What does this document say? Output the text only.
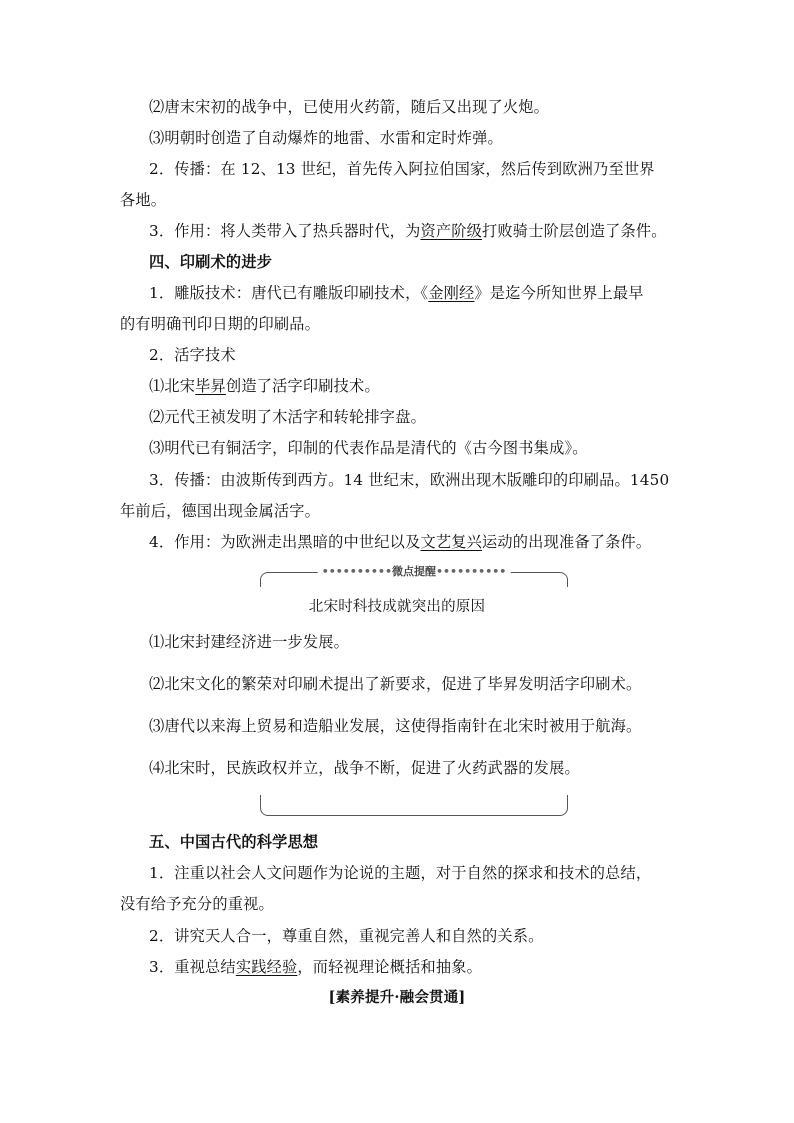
⑵唐末宋初的战争中，已使用火药箭，随后又出现了火炮。
⑶明朝时创造了自动爆炸的地雷、水雷和定时炸弹。
2．传播：在 12、13 世纪，首先传入阿拉伯国家，然后传到欧洲乃至世界
各地。
3．作用：将人类带入了热兵器时代，为资产阶级打败骑士阶层创造了条件。
四、印刷术的进步
1．雕版技术：唐代已有雕版印刷技术，《金刚经》是迄今所知世界上最早
的有明确刊印日期的印刷品。
2．活字技术
⑴北宋毕昇创造了活字印刷技术。
⑵元代王祯发明了木活字和转轮排字盘。
⑶明代已有铜活字，印制的代表作品是清代的《古今图书集成》。
3．传播：由波斯传到西方。14 世纪末，欧洲出现木版雕印的印刷品。1450
年前后，德国出现金属活字。
4．作用：为欧洲走出黑暗的中世纪以及文艺复兴运动的出现准备了条件。
••••••••••微点提醒••••••••••
北宋时科技成就突出的原因
⑴北宋封建经济进一步发展。
⑵北宋文化的繁荣对印刷术提出了新要求，促进了毕昇发明活字印刷术。
⑶唐代以来海上贸易和造船业发展，这使得指南针在北宋时被用于航海。
⑷北宋时，民族政权并立，战争不断，促进了火药武器的发展。
五、中国古代的科学思想
1．注重以社会人文问题作为论说的主题，对于自然的探求和技术的总结，
没有给予充分的重视。
2．讲究天人合一，尊重自然，重视完善人和自然的关系。
3．重视总结实践经验，而轻视理论概括和抽象。
[素养提升·融会贯通]
